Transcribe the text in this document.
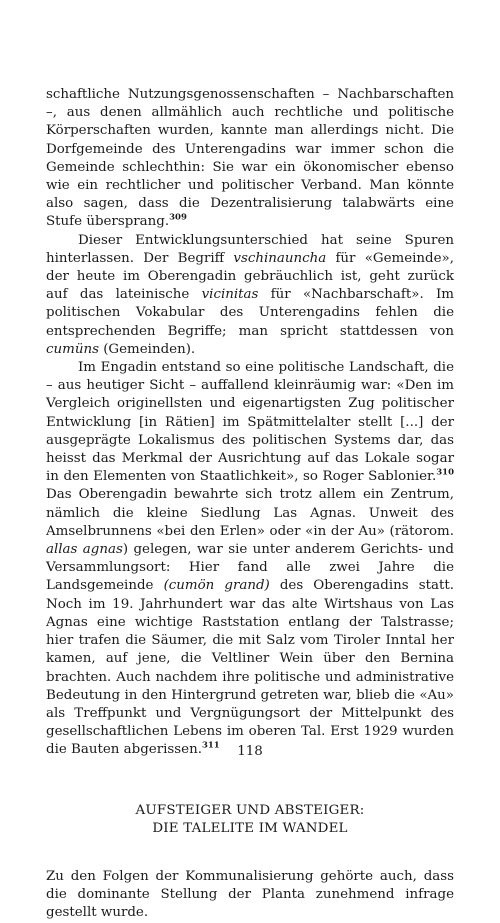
schaftliche Nutzungsgenossenschaften – Nachbarschaften –, aus denen allmählich auch rechtliche und politische Körperschaften wurden, kannte man allerdings nicht. Die Dorfgemeinde des Unterengadins war immer schon die Gemeinde schlechthin: Sie war ein ökonomischer ebenso wie ein rechtlicher und politischer Verband. Man könnte also sagen, dass die Dezentralisierung talabwärts eine Stufe übersprang.$^{309}$

Dieser Entwicklungsunterschied hat seine Spuren hinterlassen. Der Begriff vschinauncha für «Gemeinde», der heute im Oberengadin gebräuchlich ist, geht zurück auf das lateinische vicinitas für «Nachbarschaft». Im politischen Vokabular des Unterengadins fehlen die entsprechenden Begriffe; man spricht stattdessen von cumüns (Gemeinden).

Im Engadin entstand so eine politische Landschaft, die – aus heutiger Sicht – auffallend kleinräumig war: «Den im Vergleich originellsten und eigenartigsten Zug politischer Entwicklung [in Rätien] im Spätmittelalter stellt [...] der ausgeprägte Lokalismus des politischen Systems dar, das heisst das Merkmal der Ausrichtung auf das Lokale sogar in den Elementen von Staatlichkeit», so Roger Sablonier.$^{310}$ Das Oberengadin bewahrte sich trotz allem ein Zentrum, nämlich die kleine Siedlung Las Agnas. Unweit des Amselbrunnens «bei den Erlen» oder «in der Au» (rätorom. allas agnas) gelegen, war sie unter anderem Gerichts- und Versammlungsort: Hier fand alle zwei Jahre die Landsgemeinde (cumön grand) des Oberengadins statt. Noch im 19. Jahrhundert war das alte Wirtshaus von Las Agnas eine wichtige Raststation entlang der Talstrasse; hier trafen die Säumer, die mit Salz vom Tiroler Inntal her kamen, auf jene, die Veltliner Wein über den Bernina brachten. Auch nachdem ihre politische und administrative Bedeutung in den Hintergrund getreten war, blieb die «Au» als Treffpunkt und Vergnügungsort der Mittelpunkt des gesellschaftlichen Lebens im oberen Tal. Erst 1929 wurden die Bauten abgerissen.$^{311}$

AUFSTEIGER UND ABSTEIGER:
DIE TALELITE IM WANDEL

Zu den Folgen der Kommunalisierung gehörte auch, dass die dominante Stellung der Planta zunehmend infrage gestellt wurde.

118
